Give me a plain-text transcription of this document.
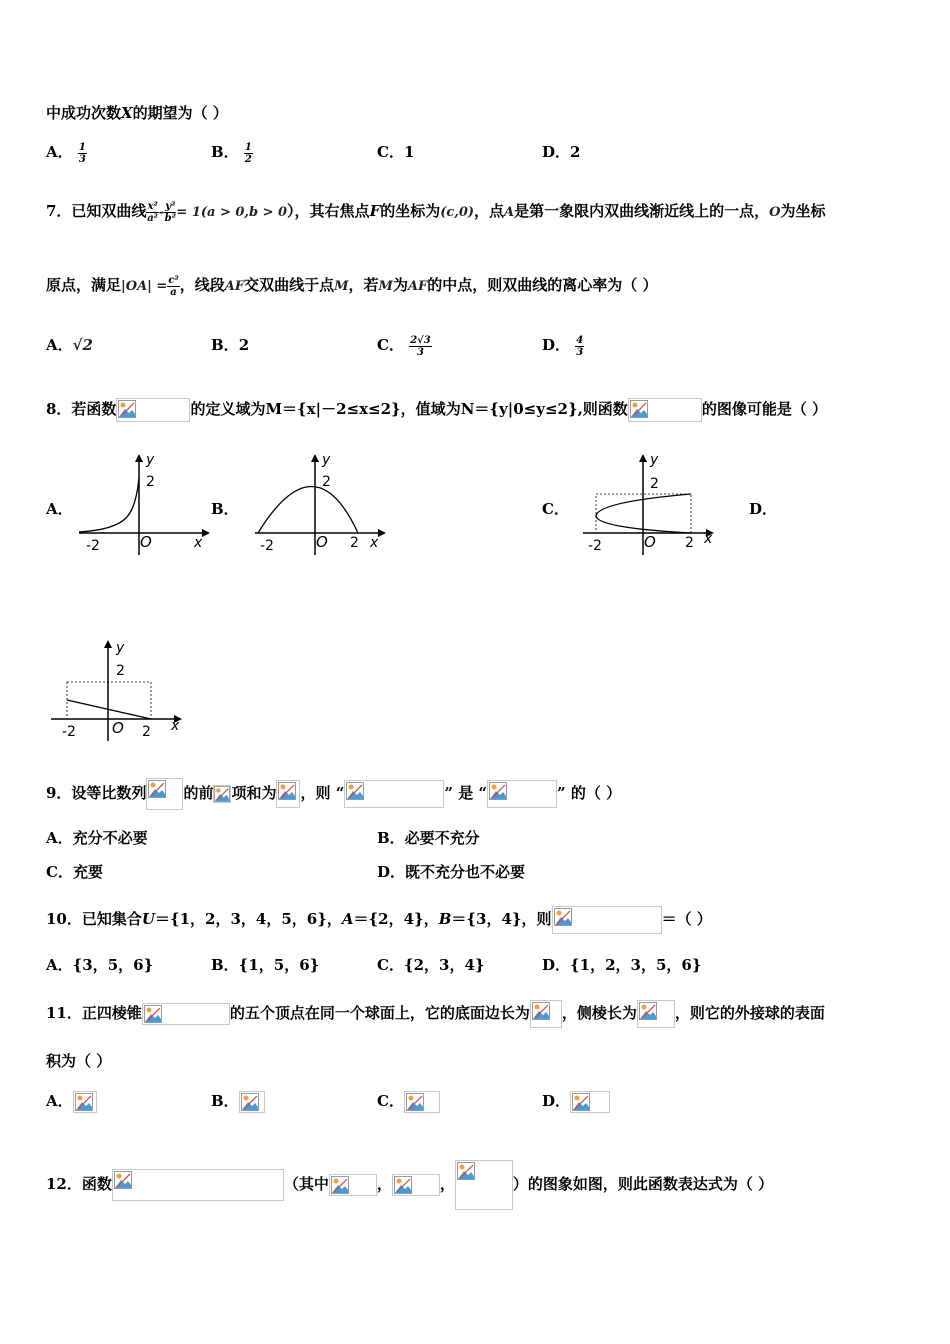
中成功次数X的期望为（ ）
A． $\frac{1}{3}$	B． $\frac{1}{2}$	C．1	D．2
7．已知双曲线 $\frac{\text{x²}}{\text{a²}} - \frac{\text{y²}}{\text{b²}} = 1(a > 0,b > 0)$，其右焦点F的坐标为(c,0)，点A是第一象限内双曲线渐近线上的一点，O为坐标
原点，满足$|OA| = \frac{\text{c²}}{a}$ ，线段AF交双曲线于点M，若M为AF的中点，则双曲线的离心率为（ ）
A．√2	B．2	C． $\frac{2√3}{3}$	D． $\frac{4}{3}$
8．若函数	的定义域为M＝{x|－2≤x≤2}，值域为N＝{y|0≤y≤2},则函数	的图像可能是（ ）
A．	B．	C．	D．
y
2
-2	O	x
y
2
-2	O 2 x
y
2
-2	O 2 x
y
2
-2 O 2 x
9．设等比数列 的前 项和为 ，则 “	” 是 “	” 的（ ）
A．充分不必要	B．必要不充分
C．充要	D．既不充分也不必要
10．已知集合U＝{1，2，3，4，5，6}，A＝{2，4}，B＝{3，4}，则	＝（ ）
A．{3，5，6}	B．{1，5，6}	C．{2，3，4}	D．{1，2，3，5，6}
11．正四棱锥	的五个顶点在同一个球面上，它的底面边长为 ，侧棱长为	，则它的外接球的表面
积为（ ）
A．	B．	C．	D．
12．函数	（其中	，	，	）的图象如图，则此函数表达式为（ ）
